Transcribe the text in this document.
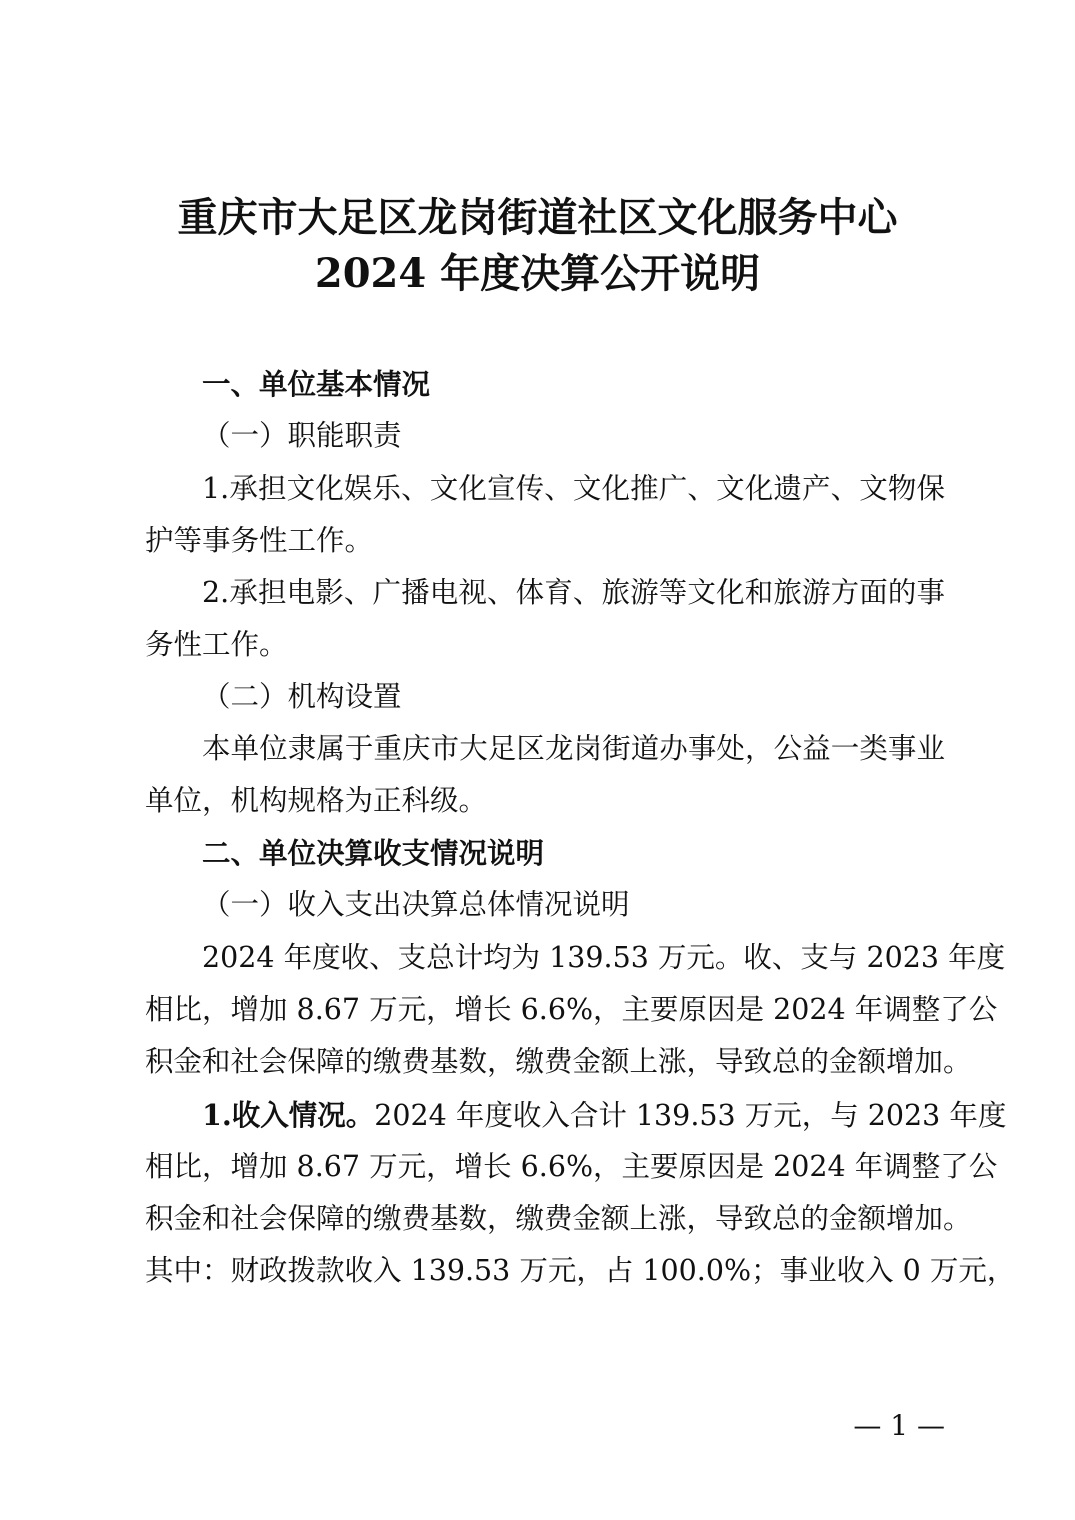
重庆市大足区龙岗街道社区文化服务中心
2024 年度决算公开说明
一、单位基本情况
（一）职能职责
1.承担文化娱乐、文化宣传、文化推广、文化遗产、文物保
护等事务性工作。
2.承担电影、广播电视、体育、旅游等文化和旅游方面的事
务性工作。
（二）机构设置
本单位隶属于重庆市大足区龙岗街道办事处，公益一类事业
单位，机构规格为正科级。
二、单位决算收支情况说明
（一）收入支出决算总体情况说明
2024 年度收、支总计均为 139.53 万元。收、支与 2023 年度
相比，增加 8.67 万元，增长 6.6%，主要原因是 2024 年调整了公
积金和社会保障的缴费基数，缴费金额上涨，导致总的金额增加。
1.收入情况。2024 年度收入合计 139.53 万元，与 2023 年度
相比，增加 8.67 万元，增长 6.6%，主要原因是 2024 年调整了公
积金和社会保障的缴费基数，缴费金额上涨，导致总的金额增加。
其中：财政拨款收入 139.53 万元，占 100.0%；事业收入 0 万元，
— 1 —
